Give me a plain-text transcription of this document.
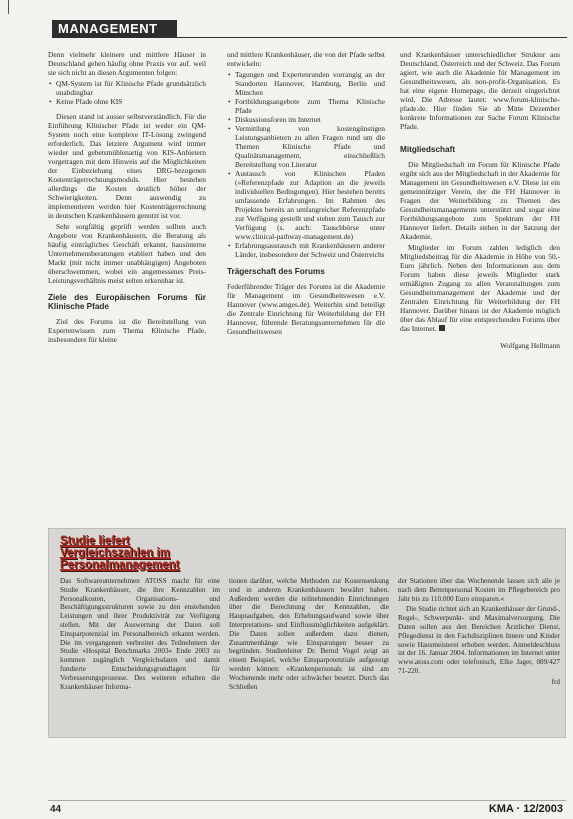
MANAGEMENT

Denn vielmehr kleinere und mittlere Häuser in Deutschland gehen häufig ohne Praxis vor auf. weil sie sich nicht an diesen Argumenten folgen:

• QM-System ist für Klinische Pfade grundsätzlich unabdingbar
• Keine Pfade ohne KIS

Diesen stand ist ausser selbstverständlich. Für die Einführung Klinischer Pfade ist weder ein QM-System noch eine komplexe IT-Lösung zwingend erforderlich. Das letztere Argument wird immer wieder und gebetsmühlenartig von KIS-Anbietern vorgetragen mit dem Hinweis auf die Möglichkeiten der Einbeziehung eines DRG-bezogenen Kostenträgerrechnungsmoduls. Hier bestehen allerdings die Kosten deutlich höher der Schwierigkeiten. Denn auswendig zu implementieren werden hier Kostenträgerrechnung in deutschen Krankenhäusern genutzt ist vor.

Sehr sorgfältig geprüft werden sollten auch Angebote von Krankenhäusern, die Beratung als häufig einträgliches Geschäft erkannt, hausinterne Unternehmensberatungen etabliert haben und den Markt (mit nicht immer unabhängigen) Angeboten überschwemmen, wobei ein angemessenes Preis-Leistungsverhältnis meist selten erkennbar ist.

Ziele des Europäischen Forums für Klinische Pfade

Ziel des Forums ist die Bereitstellung von Expertenwissen zum Thema Klinische Pfade, insbesondere für kleine

und mittlere Krankenhäuser, die von der Pfade selbst entwickeln:

• Tagungen und Expertenrunden vorrangig an der Standorten Hannover, Hamburg, Berlin und München
• Fortbildungsangebote zum Thema Klinische Pfade
• Diskussionsforen im Internet
• Vermittlung von kostengünstigen Leistungsanbietern zu allen Fragen rund um die Themen Klinische Pfade und Qualitätsmanagement, einschließlich Bereitstellung von Literatur
• Austausch von Klinischen Pfaden (»Referenzpfade zur Adaption an die jeweils individuellen Bedingungen). Hier bestehen bereits umfassende Erfahrungen. Im Rahmen des Projektes bereits an umfangreicher Referenzpfade zur Verfügung gestellt und stehen zum Tausch zur Verfügung (s. auch: Tauschbörse unter www.clinical-pathway-management.de)
• Erfahrungsaustausch mit Krankenhäusern anderer Länder, insbesondere der Schweiz und Österreichs
Trägerschaft des Forums

Federführender Träger des Forums ist die Akademie für Management im Gesundheitswesen e.V. Hannover (www.amges.de). Weiterhin sind beteiligt die Zentrale Einrichtung für Weiterbildung der FH Hannover, führende Beratungsunternehmen für die Gesundheitswesen

und Krankenhäuser unterschiedlicher Struktur aus Deutschland, Österreich und der Schweiz. Das Forum agiert, wie auch die Akademie für Management im Gesundheitswesen, als non-profit-Organisation. Es hat eine eigene Homepage, die derzeit eingerichtet wird. Die Adresse lautet: www.forum-klinische-pfade.de. Hier finden Sie ab Mitte Dezember konkrete Informationen zur Sache Forum Klinische Pfade.

Mitgliedschaft

Die Mitgliedschaft im Forum für Klinische Pfade ergibt sich aus der Mitgliedschaft in der Akademie für Management im Gesundheitswesen e.V. Diese ist ein gemeinnütziger Verein, der die FH Hannover in Fragen der Weiterbildung zu Themen des Gesundheitsmanagements unterstützt und sogar eine Fortbildungsangebote zum Spektrum der FH Hannover liefert. Details stehen in der Satzung der Akademie.

Mitglieder im Forum zahlen lediglich den Mitgliedsbeitrag für die Akademie in Höhe von 50,- Euro jährlich. Neben den Informationen aus dem Forum haben diese jeweils Mitglieder stark ermäßigten Zugang zu allen Veranstaltungen zum Gesundheitsmanagement der Akademie und der Zentralen Einrichtung für Weiterbildung der FH Hannover. Darüber hinaus ist der Akademie möglich über das Ablauf für eine entsprechenden Forums über das Internet.

Wolfgang Hellmann
Studie liefert
Vergleichszahlen im
Personalmanagement

Das Softwareunternehmen ATOSS macht für eine Studie Krankenhäuser, die ihre Kennzahlen im Personalkosten, Organisations- und Beschäftigungsstrukturen sowie zu den enstehenden Leistungen und ihrer Produktivität zur Verfügung stellen. Mit der Auswertung der Daten soll Einsparpotenzial im Personalbereich erkannt werden. Die im vergangenen verbreitet des Teilnehmern der Studie »Hospital Benchmarks 2003« Ende 2003 zu kommen zugänglich Vergleichsdaten und damit fundierte Entscheidungsgrundlagen für Verbesserungsprozesse. Des weiteren erhalten die Krankenhäuser Informa-

tionen darüber, welche Methoden zur Kostensenkung und in anderen Krankenhäusern bewährt haben. Außerdem werden die teilnehmenden Einrichtungen über die Berechnung der Kennzahlen, die Hauptaufgaben, den Erhebungsaufwand sowie über Interpretations- und Einflussmöglichkeiten aufgeklärt. Die Daten sollen außerdem dazu dienen, Zusammenhänge wie Einsparungen besser zu begründen. Studienleiter Dr. Bernd Vogel zeigt an einem Beispiel, welche Einsparpotenziale aufgezeigt werden können: »Krankenpersonals ist sind am Wochenende mehr oder schwächer besetzt. Durch das Schließen

der Stationen über das Wochenende lassen sich alle je nach dem Bettenpersonal Kosten im Pflegebereich pro Jahr bis zu 110.000 Euro einsparen.«

Die Studie richtet sich an Krankenhäuser der Grund-, Regel-, Schwerpunkt- und Maximalversorgung. Die Daten sollen aus den Bereichen Ärztlicher Dienst, Pflegedienst in den Fachdisziplinen Innere und Kinder sowie Hausmeisterei erhoben werden. Anmeldeschluss ist der 16. Januar 2004. Informationen im Internet unter www.atoss.com oder telefonisch, Elke Jager, 089/427 71-220.

frd
44	KMA · 12/2003
